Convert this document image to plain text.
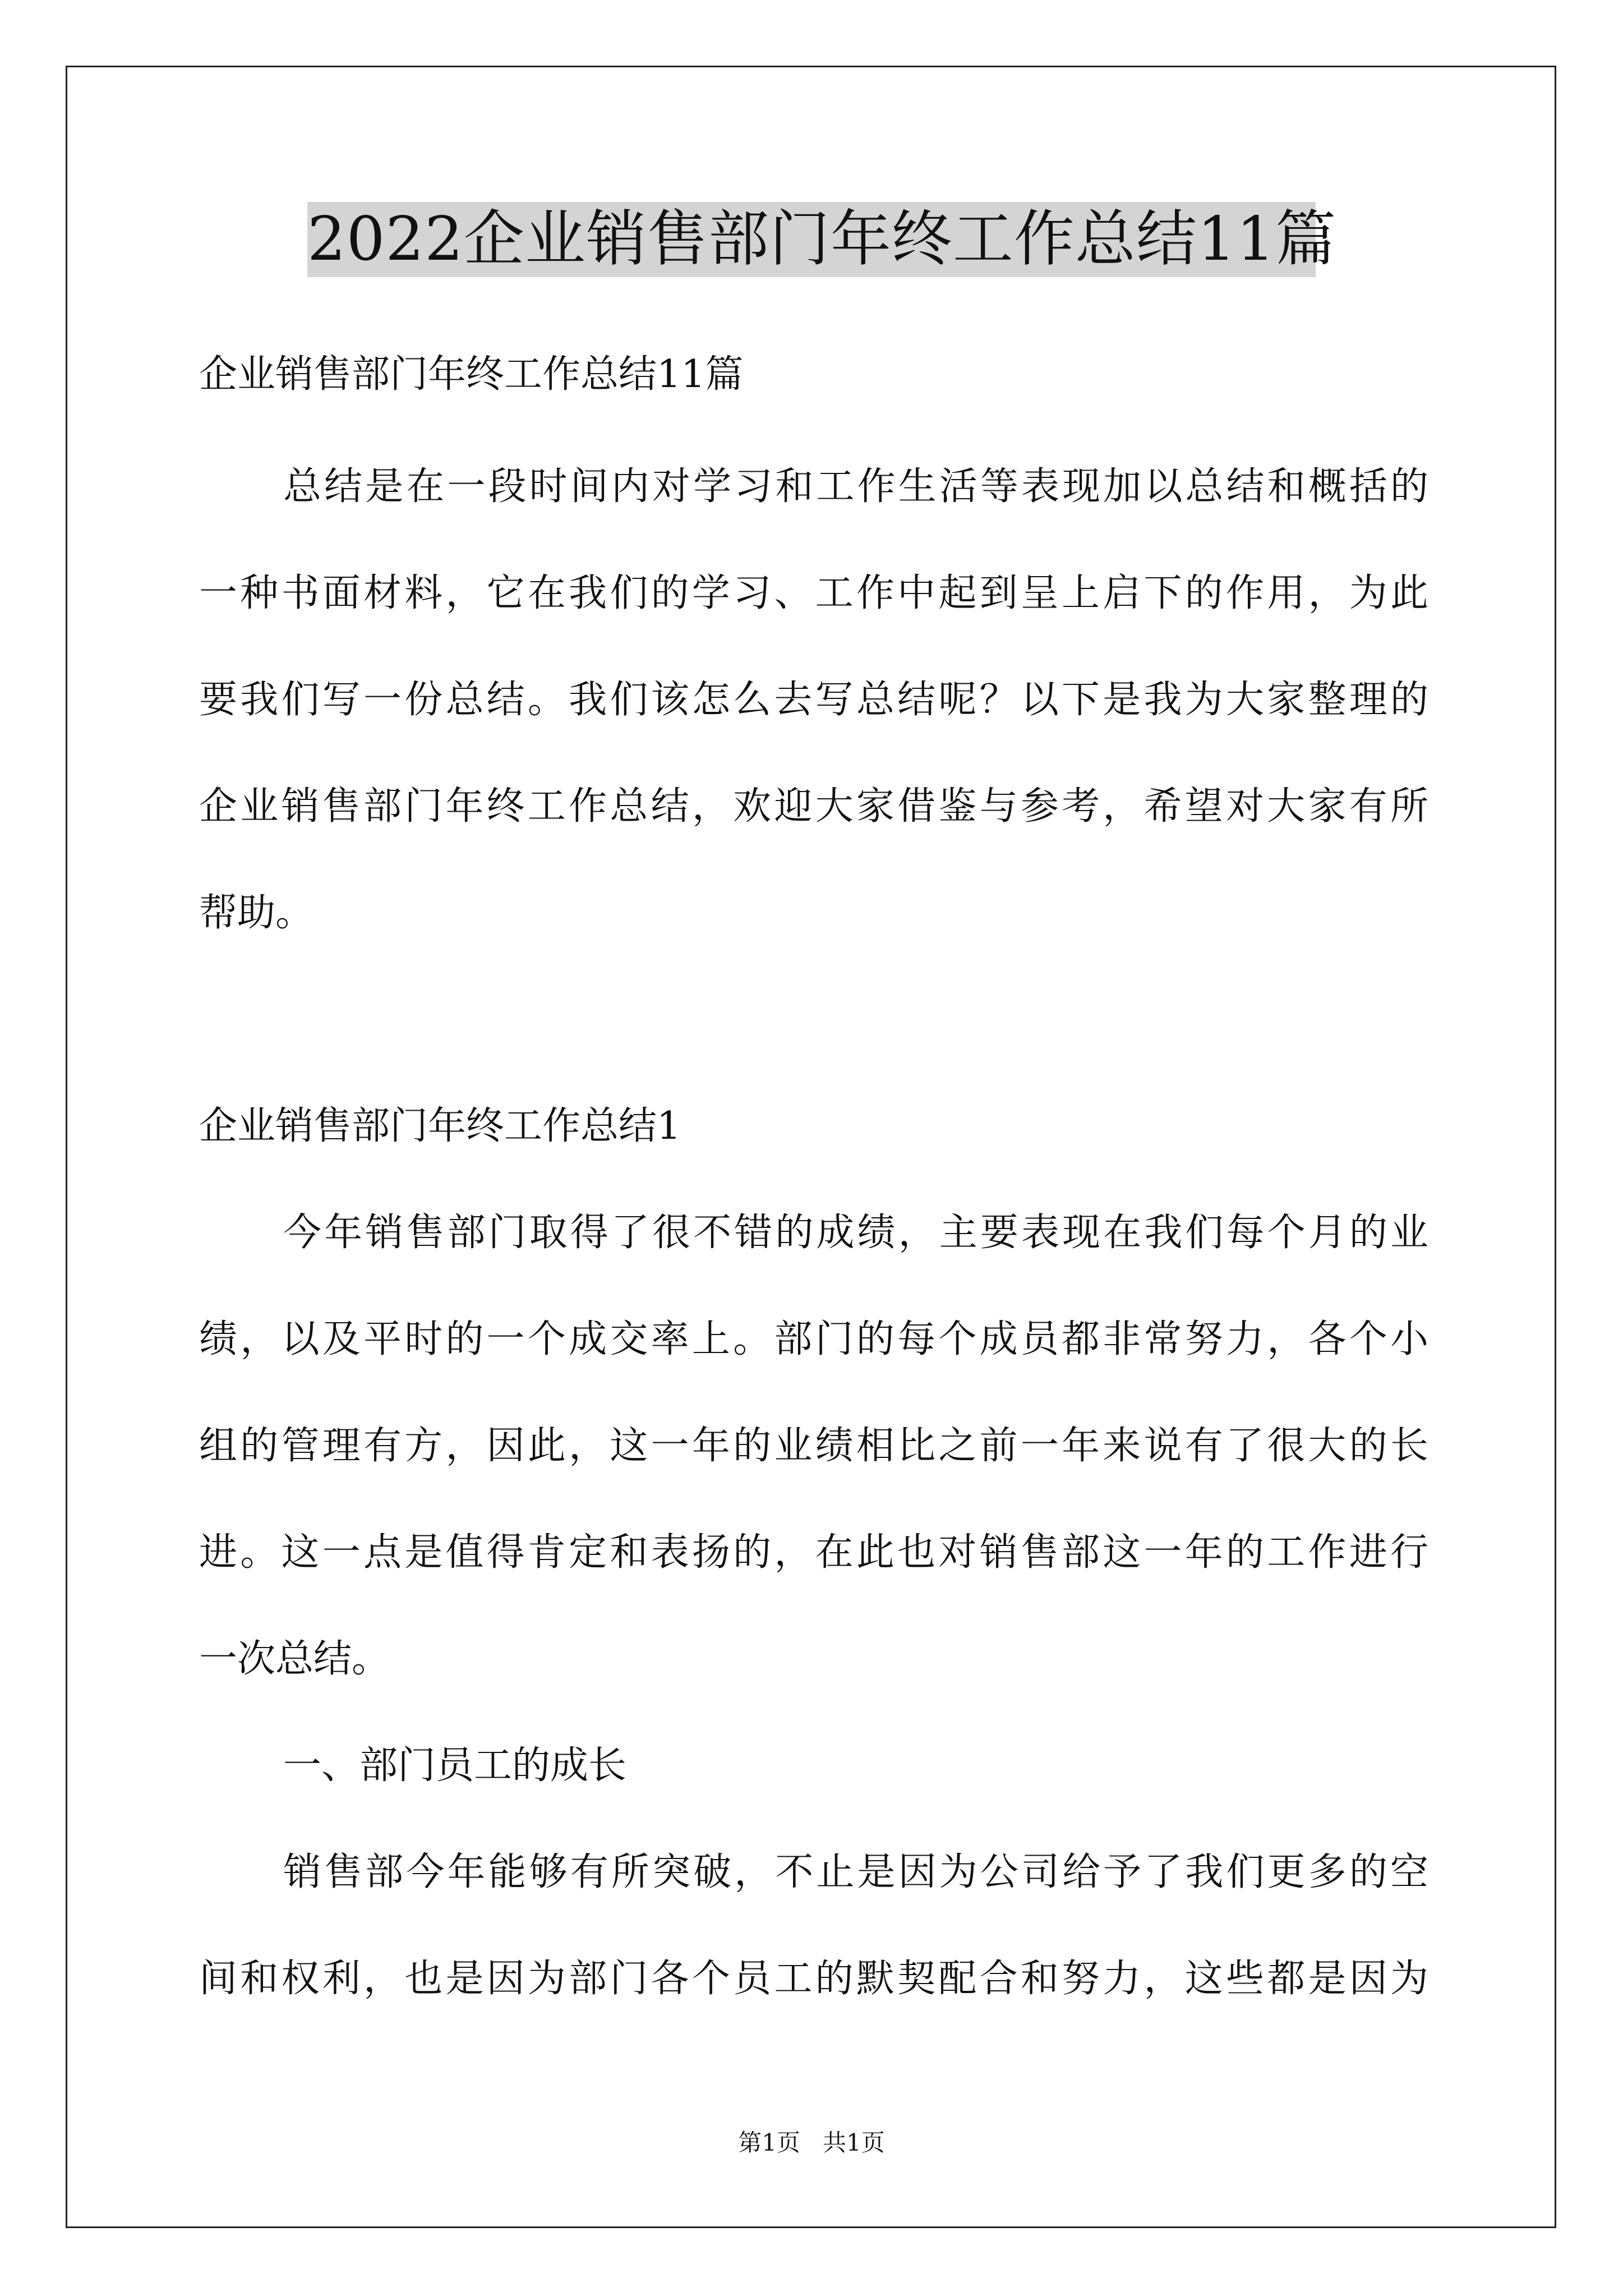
2022企业销售部门年终工作总结11篇
企业销售部门年终工作总结11篇
总结是在一段时间内对学习和工作生活等表现加以总结和概括的
一种书面材料，它在我们的学习、工作中起到呈上启下的作用，为此
要我们写一份总结。我们该怎么去写总结呢？以下是我为大家整理的
企业销售部门年终工作总结，欢迎大家借鉴与参考，希望对大家有所
帮助。
企业销售部门年终工作总结1
今年销售部门取得了很不错的成绩，主要表现在我们每个月的业
绩，以及平时的一个成交率上。部门的每个成员都非常努力，各个小
组的管理有方，因此，这一年的业绩相比之前一年来说有了很大的长
进。这一点是值得肯定和表扬的，在此也对销售部这一年的工作进行
一次总结。
一、部门员工的成长
销售部今年能够有所突破，不止是因为公司给予了我们更多的空
间和权利，也是因为部门各个员工的默契配合和努力，这些都是因为
第1页   共1页
